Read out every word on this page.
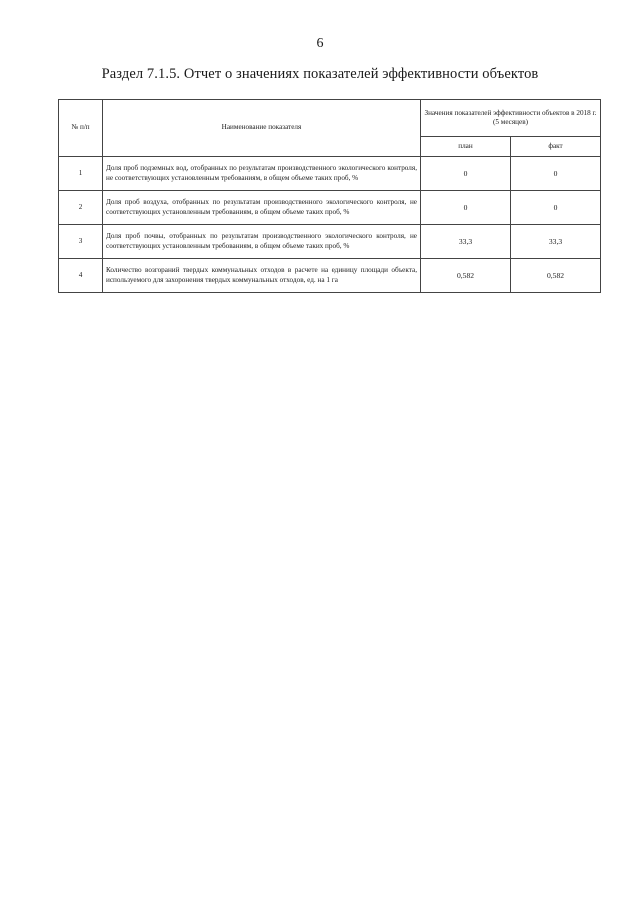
6
Раздел 7.1.5. Отчет о значениях показателей эффективности объектов
№ п/п	Наименование показателя	Значения показателей эффективности объектов в 2018 г. (5 месяцев)	
		план	факт
1	Доля проб подземных вод, отобранных по результатам производственного экологического контроля, не соответствующих установленным требованиям, в общем объеме таких проб, %	0	0
2	Доля проб воздуха, отобранных по результатам производственного экологического контроля, не соответствующих установленным требованиям, в общем объеме таких проб, %	0	0
3	Доля проб почвы, отобранных по результатам производственного экологического контроля, не соответствующих установленным требованиям, в общем объеме таких проб, %	33,3	33,3
4	Количество возгораний твердых коммунальных отходов в расчете на единицу площади объекта, используемого для захоронения твердых коммунальных отходов, ед. на 1 га	0,582	0,582
